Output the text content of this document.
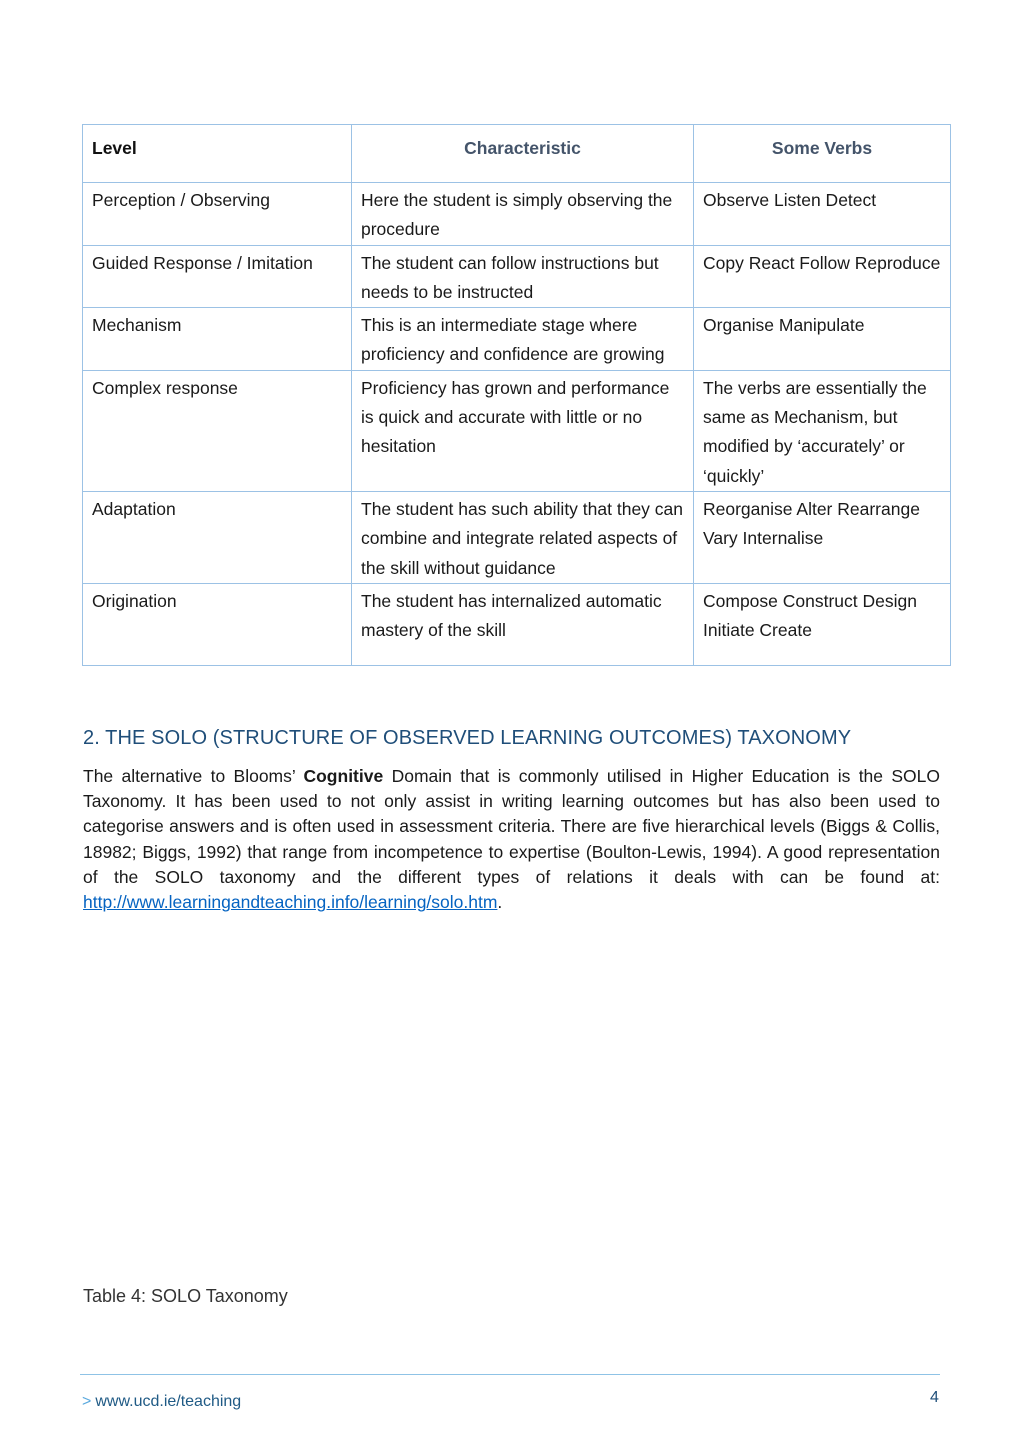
Level	Characteristic	Some Verbs
Perception / Observing	Here the student is simply observing the procedure	Observe Listen Detect
Guided Response / Imitation	The student can follow instructions but needs to be instructed	Copy React Follow Reproduce
Mechanism	This is an intermediate stage where proficiency and confidence are growing	Organise Manipulate
Complex response	Proficiency has grown and performance is quick and accurate with little or no hesitation	The verbs are essentially the same as Mechanism, but modified by ‘accurately’ or ‘quickly’
Adaptation	The student has such ability that they can combine and integrate related aspects of the skill without guidance	Reorganise Alter Rearrange Vary Internalise
Origination	The student has internalized automatic mastery of the skill	Compose Construct Design Initiate Create
2. THE SOLO (STRUCTURE OF OBSERVED LEARNING OUTCOMES) TAXONOMY

The alternative to Blooms’ Cognitive Domain that is commonly utilised in Higher Education is the SOLO Taxonomy. It has been used to not only assist in writing learning outcomes but has also been used to categorise answers and is often used in assessment criteria. There are five hierarchical levels (Biggs & Collis, 18982; Biggs, 1992) that range from incompetence to expertise (Boulton-Lewis, 1994). A good representation of the SOLO taxonomy and the different types of relations it deals with can be found at: http://www.learningandteaching.info/learning/solo.htm.

Table 4: SOLO Taxonomy

> www.ucd.ie/teaching	4
